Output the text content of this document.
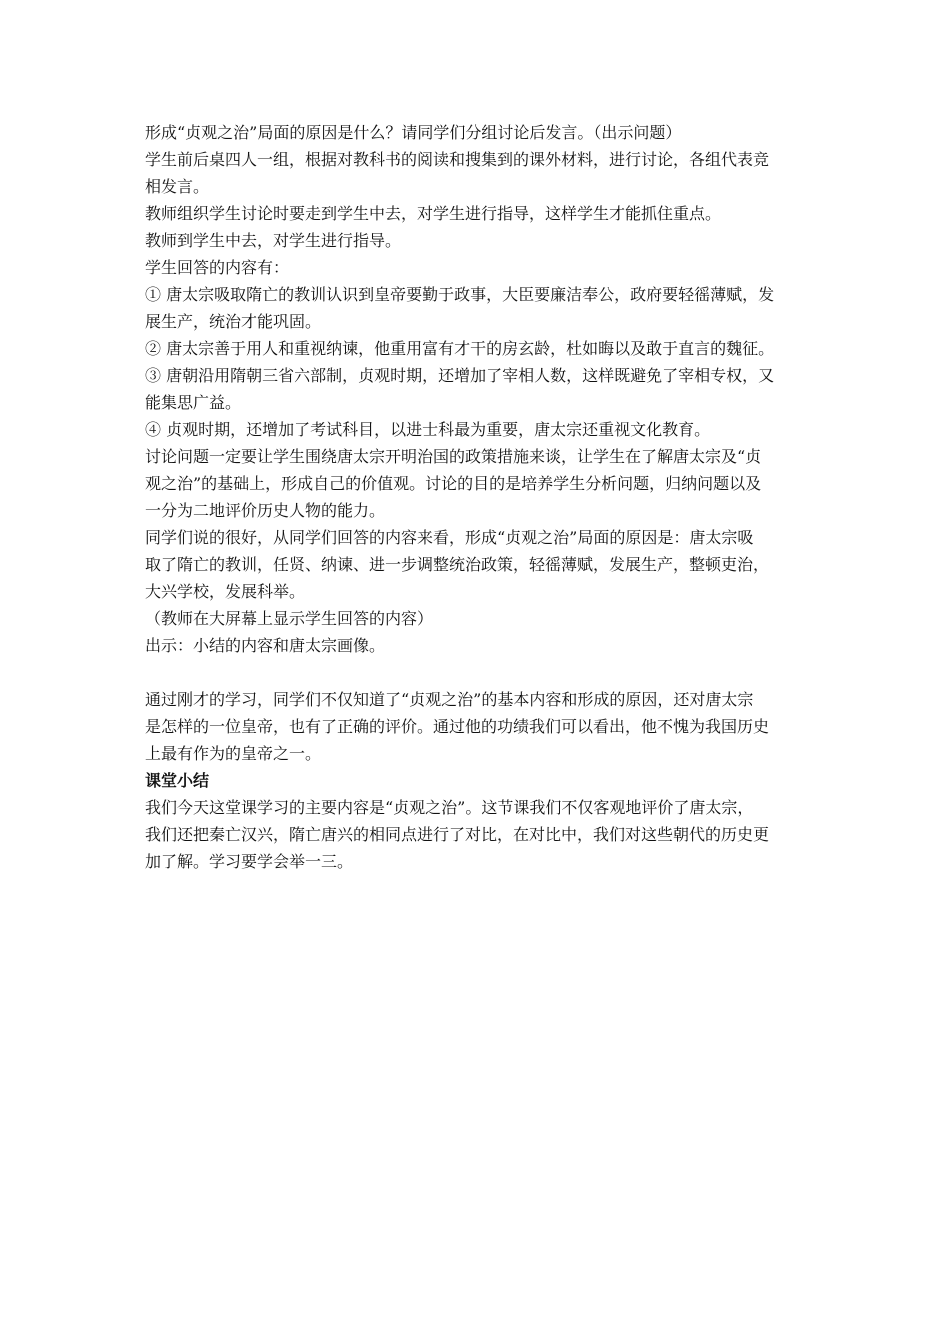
形成“贞观之治”局面的原因是什么？请同学们分组讨论后发言。（出示问题）

学生前后桌四人一组，根据对教科书的阅读和搜集到的课外材料，进行讨论，各组代表竞

相发言。

教师组织学生讨论时要走到学生中去，对学生进行指导，这样学生才能抓住重点。

教师到学生中去，对学生进行指导。

学生回答的内容有：

① 唐太宗吸取隋亡的教训认识到皇帝要勤于政事，大臣要廉洁奉公，政府要轻徭薄赋，发

展生产，统治才能巩固。

② 唐太宗善于用人和重视纳谏，他重用富有才干的房玄龄，杜如晦以及敢于直言的魏征。

③ 唐朝沿用隋朝三省六部制，贞观时期，还增加了宰相人数，这样既避免了宰相专权，又

能集思广益。

④ 贞观时期，还增加了考试科目，以进士科最为重要，唐太宗还重视文化教育。

讨论问题一定要让学生围绕唐太宗开明治国的政策措施来谈，让学生在了解唐太宗及“贞

观之治”的基础上，形成自己的价值观。讨论的目的是培养学生分析问题，归纳问题以及

一分为二地评价历史人物的能力。

同学们说的很好，从同学们回答的内容来看，形成“贞观之治”局面的原因是：唐太宗吸

取了隋亡的教训，任贤、纳谏、进一步调整统治政策，轻徭薄赋，发展生产，整顿吏治，

大兴学校，发展科举。

（教师在大屏幕上显示学生回答的内容）

出示：小结的内容和唐太宗画像。

通过刚才的学习，同学们不仅知道了“贞观之治”的基本内容和形成的原因，还对唐太宗

是怎样的一位皇帝，也有了正确的评价。通过他的功绩我们可以看出，他不愧为我国历史

上最有作为的皇帝之一。

课堂小结

我们今天这堂课学习的主要内容是“贞观之治”。这节课我们不仅客观地评价了唐太宗，

我们还把秦亡汉兴，隋亡唐兴的相同点进行了对比，在对比中，我们对这些朝代的历史更

加了解。学习要学会举一三。
